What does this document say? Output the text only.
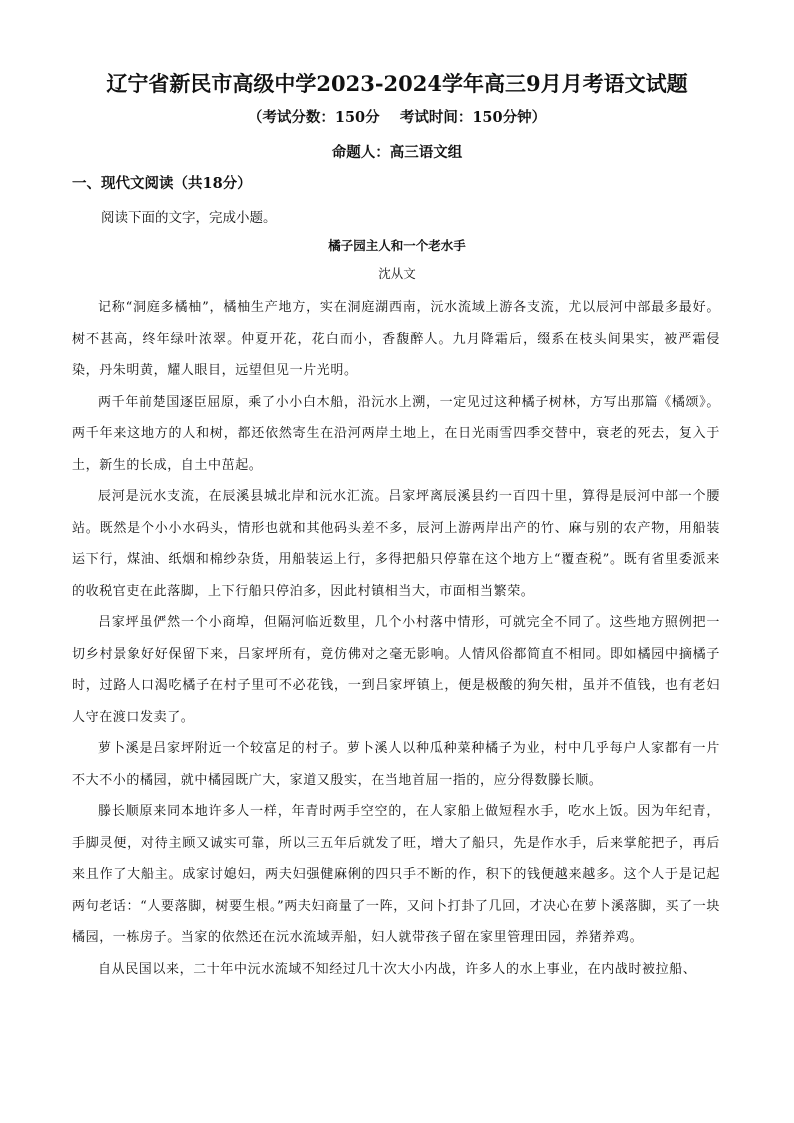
辽宁省新民市高级中学2023-2024学年高三9月月考语文试题
（考试分数：150分    考试时间：150分钟）
命题人：高三语文组
一、现代文阅读（共18分）
阅读下面的文字，完成小题。
橘子园主人和一个老水手
沈从文

记称“洞庭多橘柚”，橘柚生产地方，实在洞庭湖西南，沅水流域上游各支流，尤以辰河中部最多最好。树不甚高，终年绿叶浓翠。仲夏开花，花白而小，香馥醉人。九月降霜后，缀系在枝头间果实，被严霜侵染，丹朱明黄，耀人眼目，远望但见一片光明。

两千年前楚国逐臣屈原，乘了小小白木船，沿沅水上溯，一定见过这种橘子树林，方写出那篇《橘颂》。两千年来这地方的人和树，都还依然寄生在沿河两岸土地上，在日光雨雪四季交替中，衰老的死去，复入于土，新生的长成，自土中茁起。

辰河是沅水支流，在辰溪县城北岸和沅水汇流。吕家坪离辰溪县约一百四十里，算得是辰河中部一个腰站。既然是个小小水码头，情形也就和其他码头差不多，辰河上游两岸出产的竹、麻与别的农产物，用船装运下行，煤油、纸烟和棉纱杂货，用船装运上行，多得把船只停靠在这个地方上“覆查税”。既有省里委派来的收税官吏在此落脚，上下行船只停泊多，因此村镇相当大，市面相当繁荣。

吕家坪虽俨然一个小商埠，但隔河临近数里，几个小村落中情形，可就完全不同了。这些地方照例把一切乡村景象好好保留下来，吕家坪所有，竟仿佛对之毫无影响。人情风俗都简直不相同。即如橘园中摘橘子时，过路人口渴吃橘子在村子里可不必花钱，一到吕家坪镇上，便是极酸的狗矢柑，虽并不值钱，也有老妇人守在渡口发卖了。

萝卜溪是吕家坪附近一个较富足的村子。萝卜溪人以种瓜种菜种橘子为业，村中几乎每户人家都有一片不大不小的橘园，就中橘园既广大，家道又殷实，在当地首屈一指的，应分得数滕长顺。

滕长顺原来同本地许多人一样，年青时两手空空的，在人家船上做短程水手，吃水上饭。因为年纪青，手脚灵便，对待主顾又诚实可靠，所以三五年后就发了旺，增大了船只，先是作水手，后来掌舵把子，再后来且作了大船主。成家讨媳妇，两夫妇强健麻俐的四只手不断的作，积下的钱便越来越多。这个人于是记起两句老话：“人要落脚，树要生根。”两夫妇商量了一阵，又问卜打卦了几回，才决心在萝卜溪落脚，买了一块橘园，一栋房子。当家的依然还在沅水流域弄船，妇人就带孩子留在家里管理田园，养猪养鸡。

自从民国以来，二十年中沅水流域不知经过几十次大小内战，许多人的水上事业，在内战时被拉船、
